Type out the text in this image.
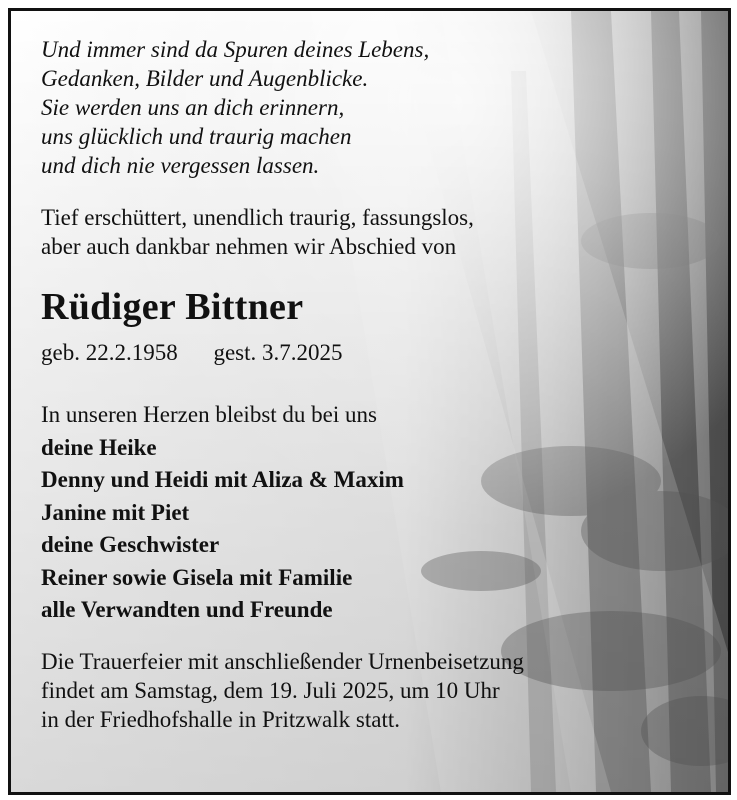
Und immer sind da Spuren deines Lebens,
Gedanken, Bilder und Augenblicke.
Sie werden uns an dich erinnern,
uns glücklich und traurig machen
und dich nie vergessen lassen.
Tief erschüttert, unendlich traurig, fassungslos,
aber auch dankbar nehmen wir Abschied von
Rüdiger Bittner
geb. 22.2.1958 gest. 3.7.2025
In unseren Herzen bleibst du bei uns
deine Heike
Denny und Heidi mit Aliza & Maxim
Janine mit Piet
deine Geschwister
Reiner sowie Gisela mit Familie
alle Verwandten und Freunde
Die Trauerfeier mit anschließender Urnenbeisetzung
findet am Samstag, dem 19. Juli 2025, um 10 Uhr
in der Friedhofshalle in Pritzwalk statt.
